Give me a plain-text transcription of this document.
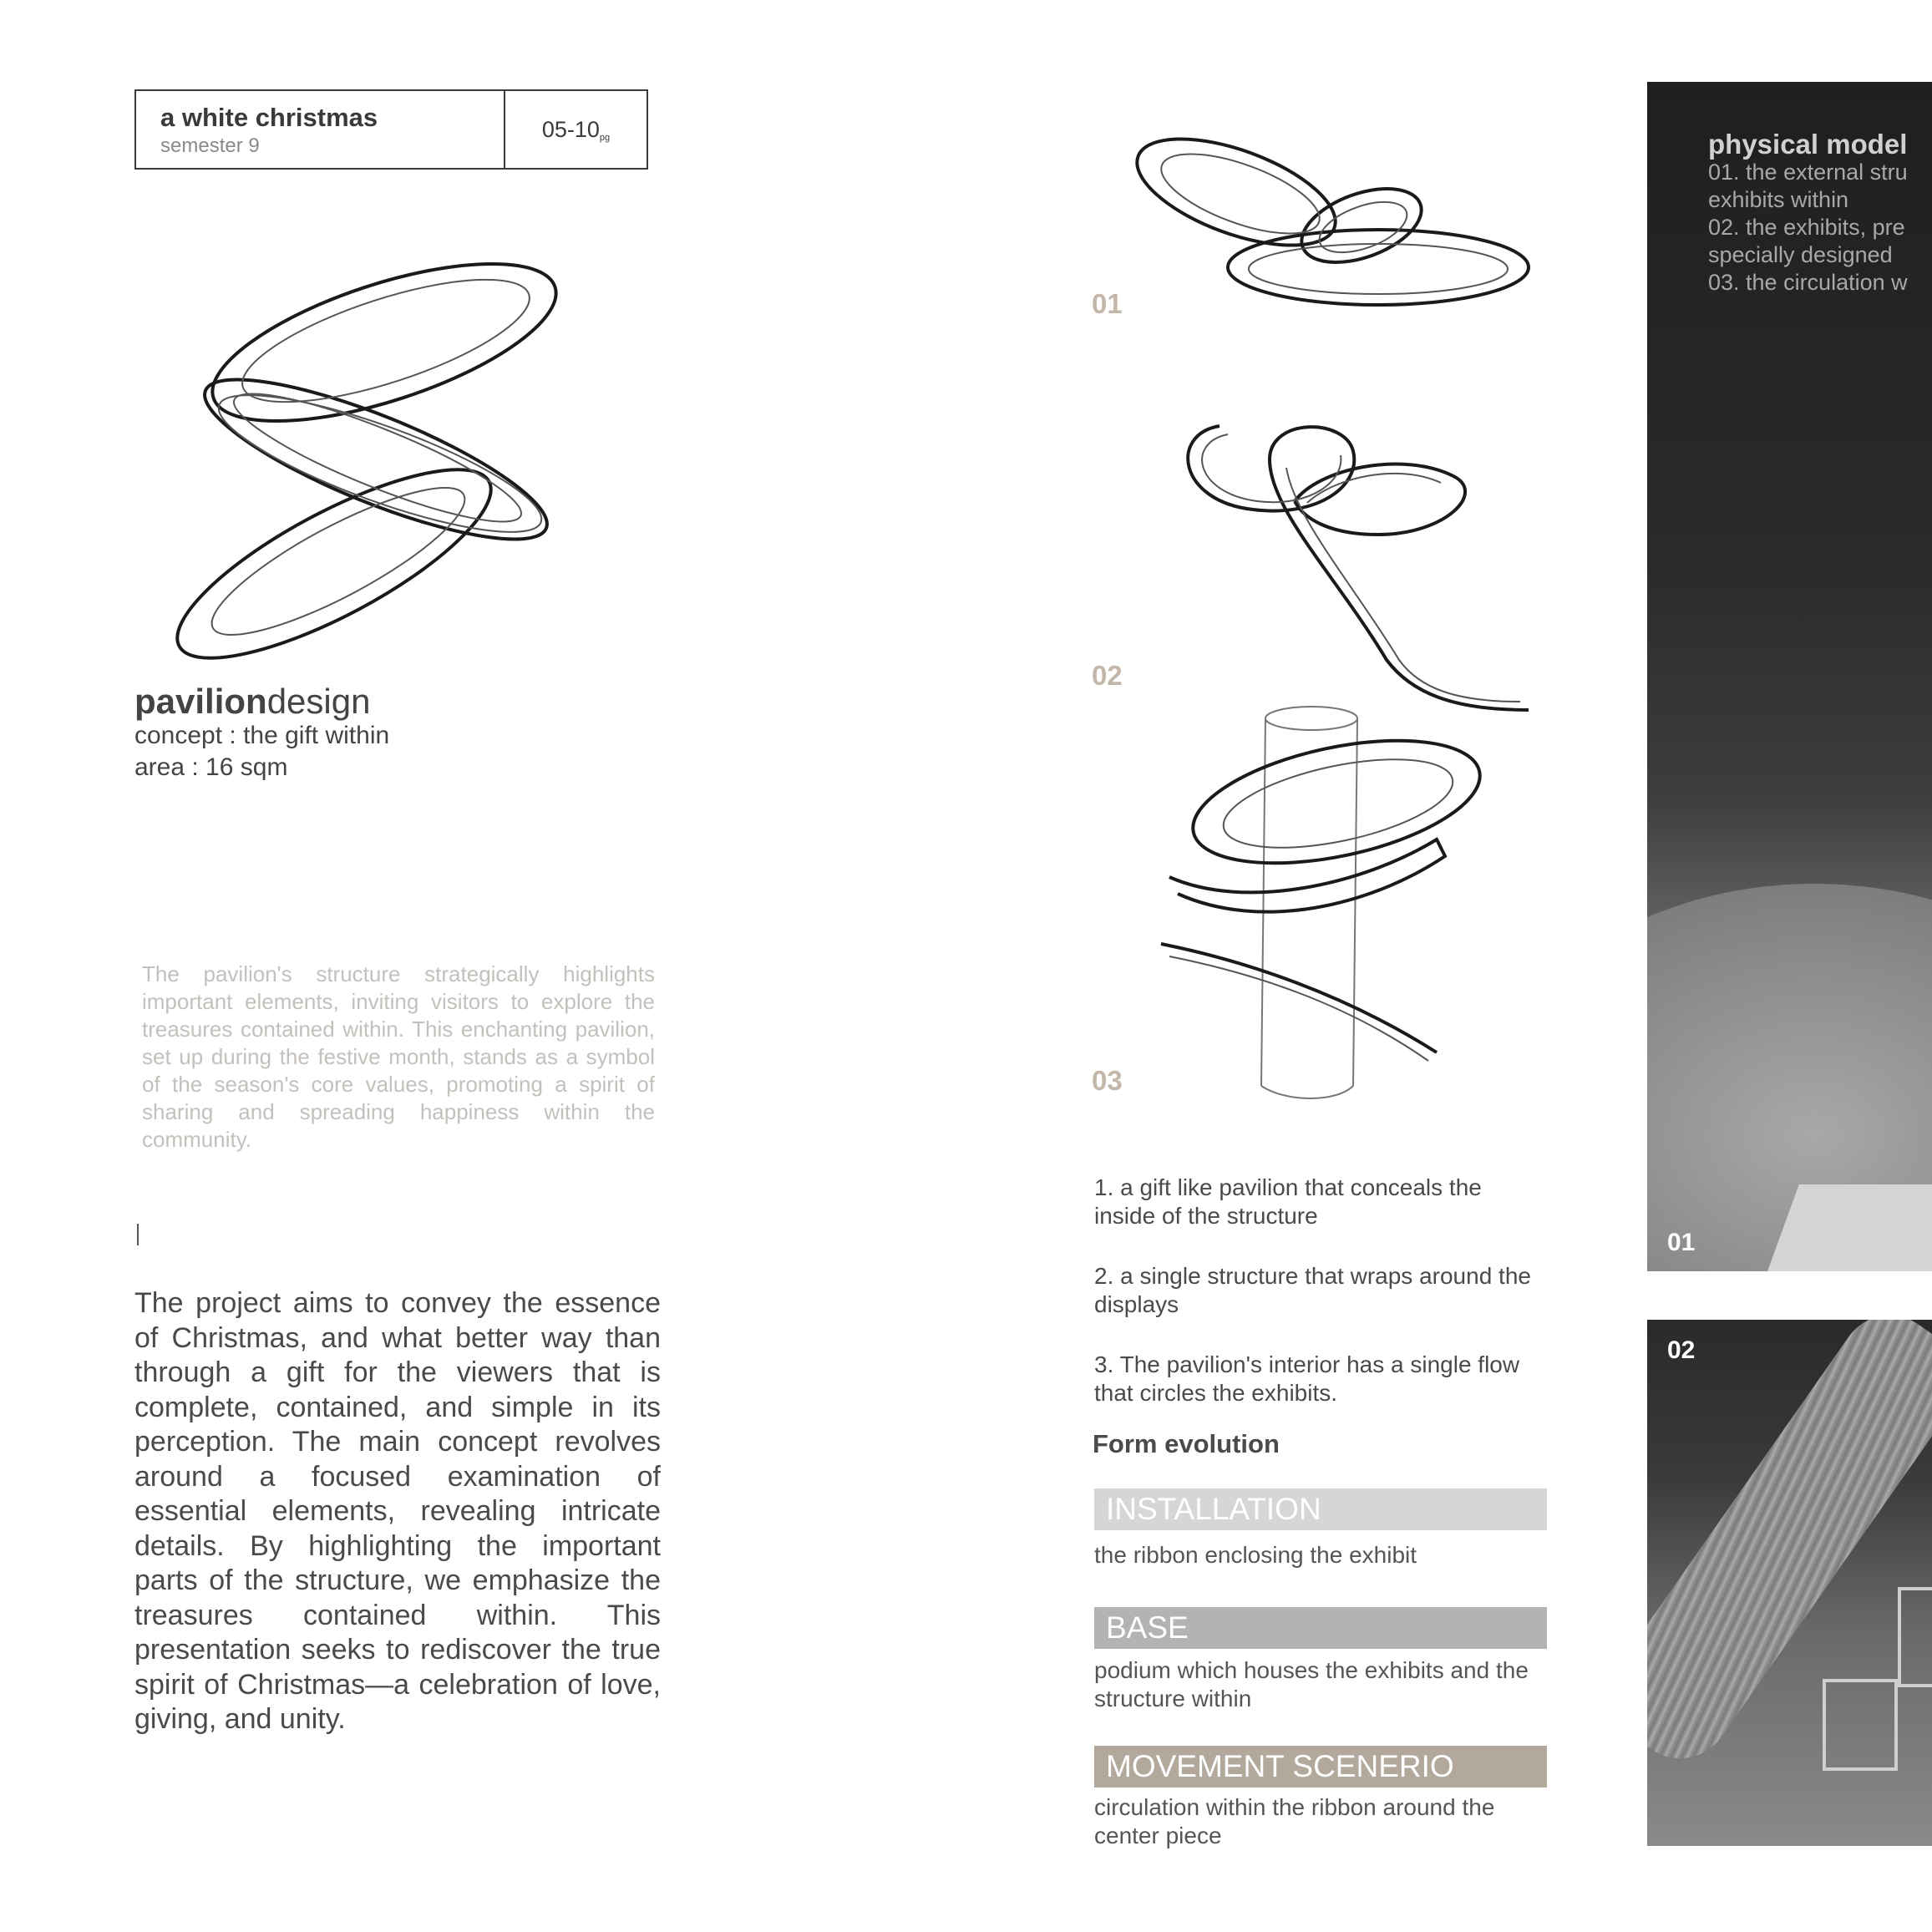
a white christmas
semester 9
05-10 pg
paviliondesign
concept : the gift within
area : 16 sqm
The pavilion's structure strategically highlights important elements, inviting visitors to explore the treasures contained within. This enchanting pavilion, set up during the festive month, stands as a symbol of the season's core values, promoting a spirit of sharing and spreading happiness within the community.
The project aims to convey the essence of Christmas, and what better way than through a gift for the viewers that is complete, contained, and simple in its perception. The main concept revolves around a focused examination of essential elements, revealing intricate details. By highlighting the important parts of the structure, we emphasize the treasures contained within. This presentation seeks to rediscover the true spirit of Christmas—a celebration of love, giving, and unity.
01
02
03

1. a gift like pavilion that conceals the inside of the structure

2. a single structure that wraps around the displays

3. The pavilion's interior has a single flow that circles the exhibits.

Form evolution
INSTALLATION
the ribbon enclosing the exhibit
BASE
podium which houses the exhibits and the structure within
MOVEMENT SCENERIO
circulation within the ribbon around the center piece
physical model
01. the external stru
exhibits within
02. the exhibits, pre
specially designed
03. the circulation w
01
02
